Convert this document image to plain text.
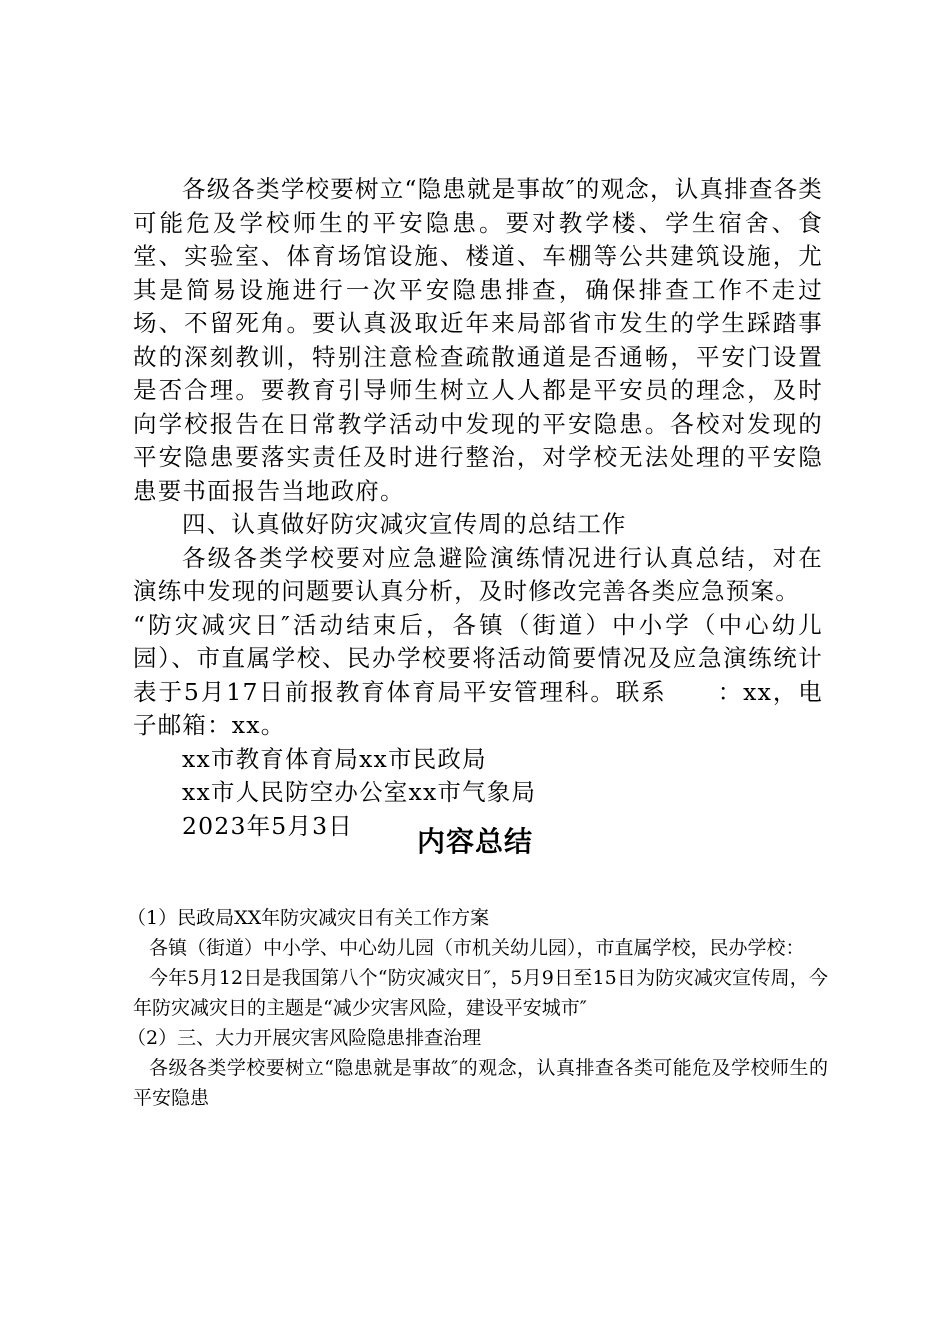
各级各类学校要树立“隐患就是事故″的观念，认真排查各类可能危及学校师生的平安隐患。要对教学楼、学生宿舍、食堂、实验室、体育场馆设施、楼道、车棚等公共建筑设施，尤其是简易设施进行一次平安隐患排查，确保排查工作不走过场、不留死角。要认真汲取近年来局部省市发生的学生踩踏事故的深刻教训，特别注意检查疏散通道是否通畅，平安门设置是否合理。要教育引导师生树立人人都是平安员的理念，及时向学校报告在日常教学活动中发现的平安隐患。各校对发现的平安隐患要落实责任及时进行整治，对学校无法处理的平安隐患要书面报告当地政府。

四、认真做好防灾减灾宣传周的总结工作

各级各类学校要对应急避险演练情况进行认真总结，对在演练中发现的问题要认真分析，及时修改完善各类应急预案。

“防灾减灾日″活动结束后，各镇（街道）中小学（中心幼儿园）、市直属学校、民办学校要将活动简要情况及应急演练统计表于5月17日前报教育体育局平安管理科。联系　　：xx，电子邮箱：xx。

xx市教育体育局xx市民政局

xx市人民防空办公室xx市气象局

2023年5月3日	内容总结

（1）民政局XX年防灾减灾日有关工作方案

各镇（街道）中小学、中心幼儿园（市机关幼儿园），市直属学校，民办学校：

今年5月12日是我国第八个“防灾减灾日″，5月9日至15日为防灾减灾宣传周，今年防灾减灾日的主题是“减少灾害风险，建设平安城市″

（2）三、大力开展灾害风险隐患排查治理

各级各类学校要树立“隐患就是事故″的观念，认真排查各类可能危及学校师生的平安隐患
